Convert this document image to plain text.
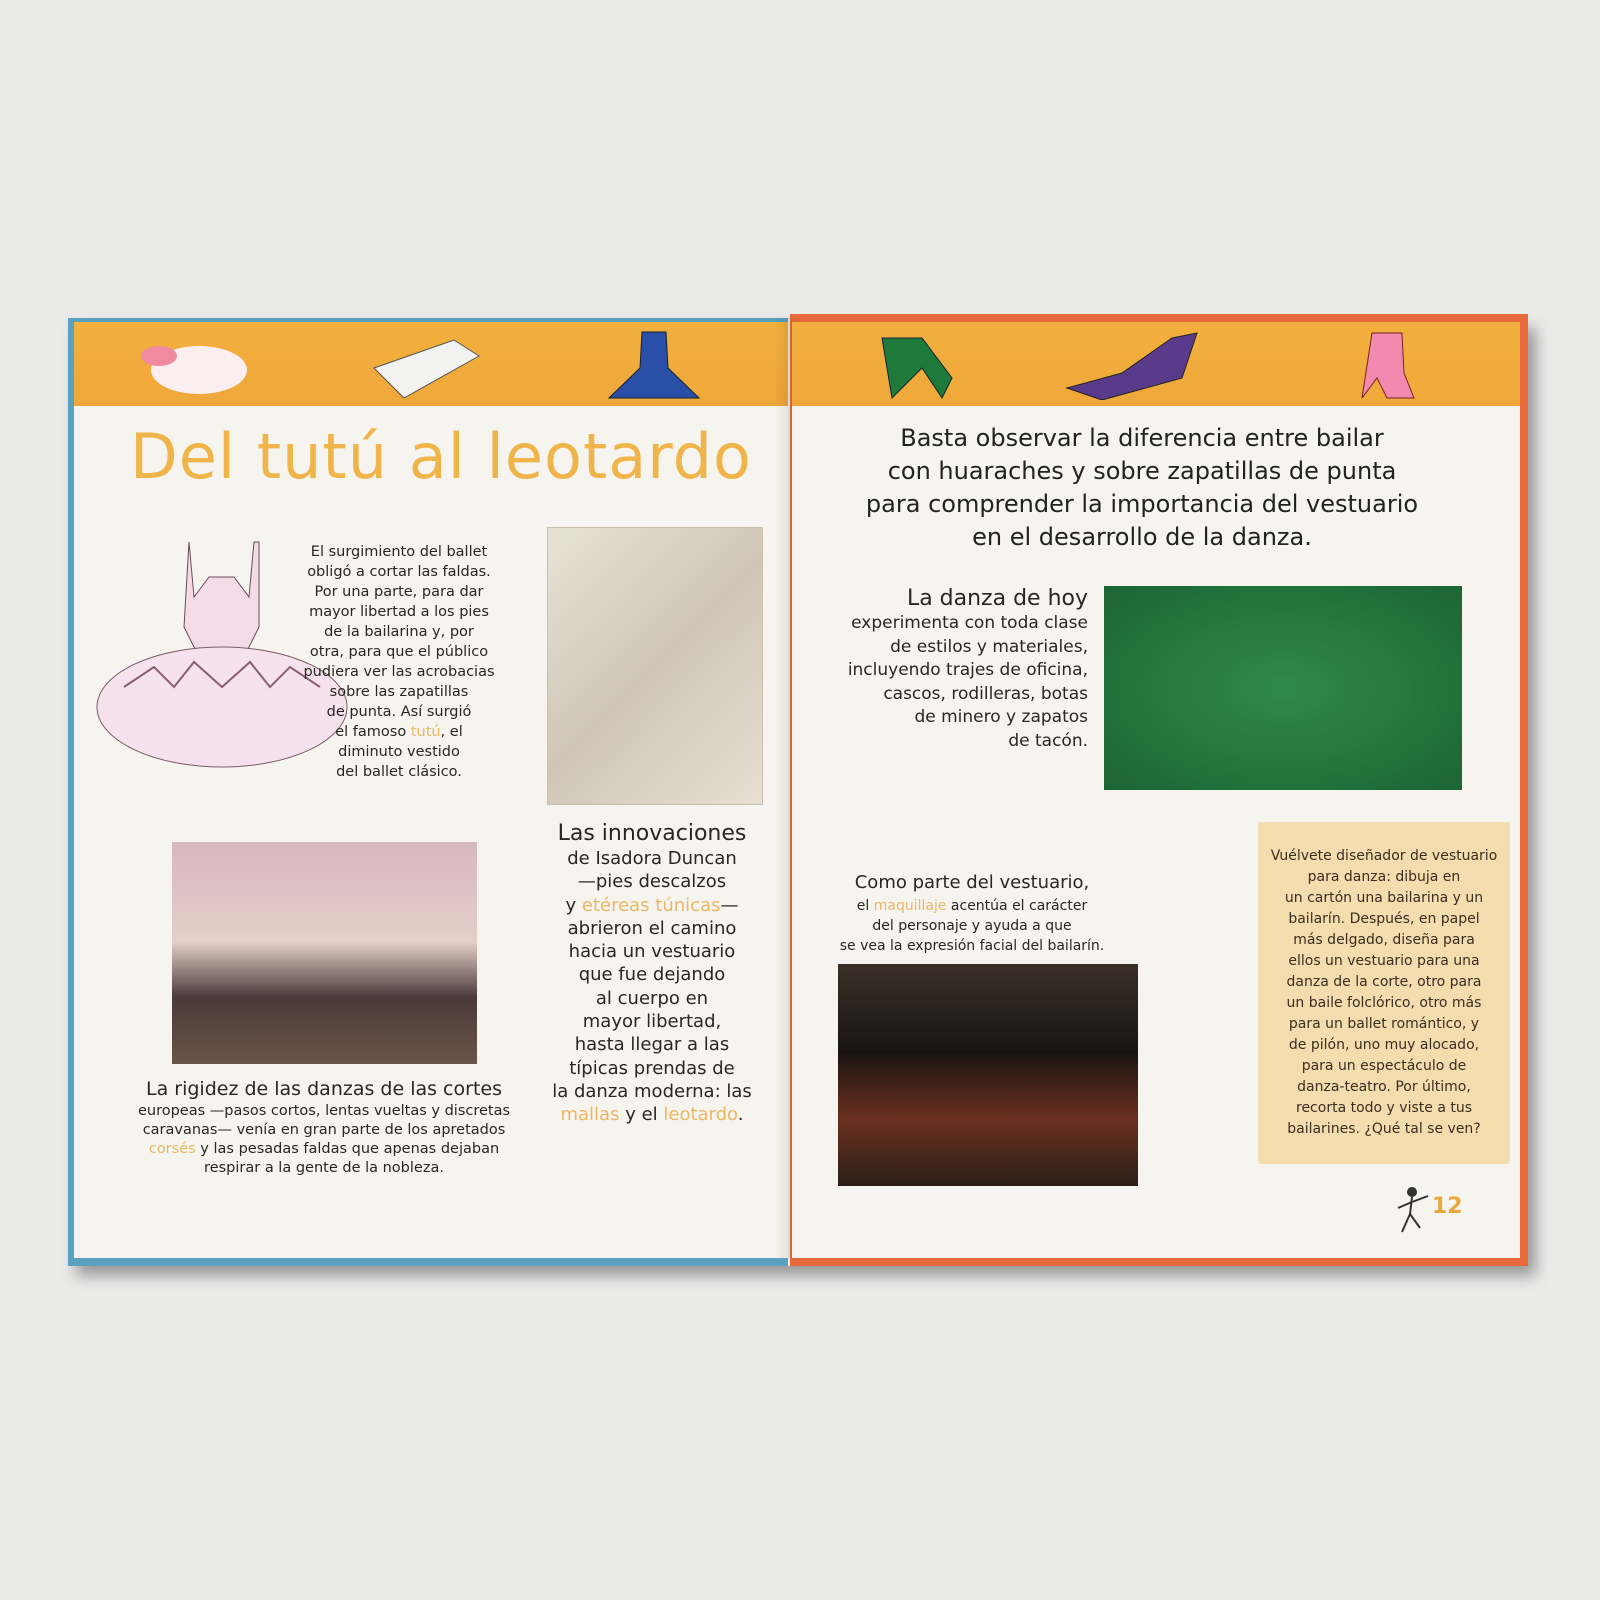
Del tutú al leotardo
El surgimiento del ballet
obligó a cortar las faldas.
Por una parte, para dar
mayor libertad a los pies
de la bailarina y, por
otra, para que el público
pudiera ver las acrobacias
sobre las zapatillas
de punta. Así surgió
el famoso tutú, el
diminuto vestido
del ballet clásico.
Las innovaciones
de Isadora Duncan
—pies descalzos
y etéreas túnicas—
abrieron el camino
hacia un vestuario
que fue dejando
al cuerpo en
mayor libertad,
hasta llegar a las
típicas prendas de
la danza moderna: las
mallas y el leotardo.
La rigidez de las danzas de las cortes
europeas —pasos cortos, lentas vueltas y discretas
caravanas— venía en gran parte de los apretados
corsés y las pesadas faldas que apenas dejaban
respirar a la gente de la nobleza.
Basta observar la diferencia entre bailar
con huaraches y sobre zapatillas de punta
para comprender la importancia del vestuario
en el desarrollo de la danza.
La danza de hoy
experimenta con toda clase
de estilos y materiales,
incluyendo trajes de oficina,
cascos, rodilleras, botas
de minero y zapatos
de tacón.
Como parte del vestuario,
el maquillaje acentúa el carácter
del personaje y ayuda a que
se vea la expresión facial del bailarín.
Vuélvete diseñador de vestuario
para danza: dibuja en
un cartón una bailarina y un
bailarín. Después, en papel
más delgado, diseña para
ellos un vestuario para una
danza de la corte, otro para
un baile folclórico, otro más
para un ballet romántico, y
de pilón, uno muy alocado,
para un espectáculo de
danza-teatro. Por último,
recorta todo y viste a tus
bailarines. ¿Qué tal se ven?
12
